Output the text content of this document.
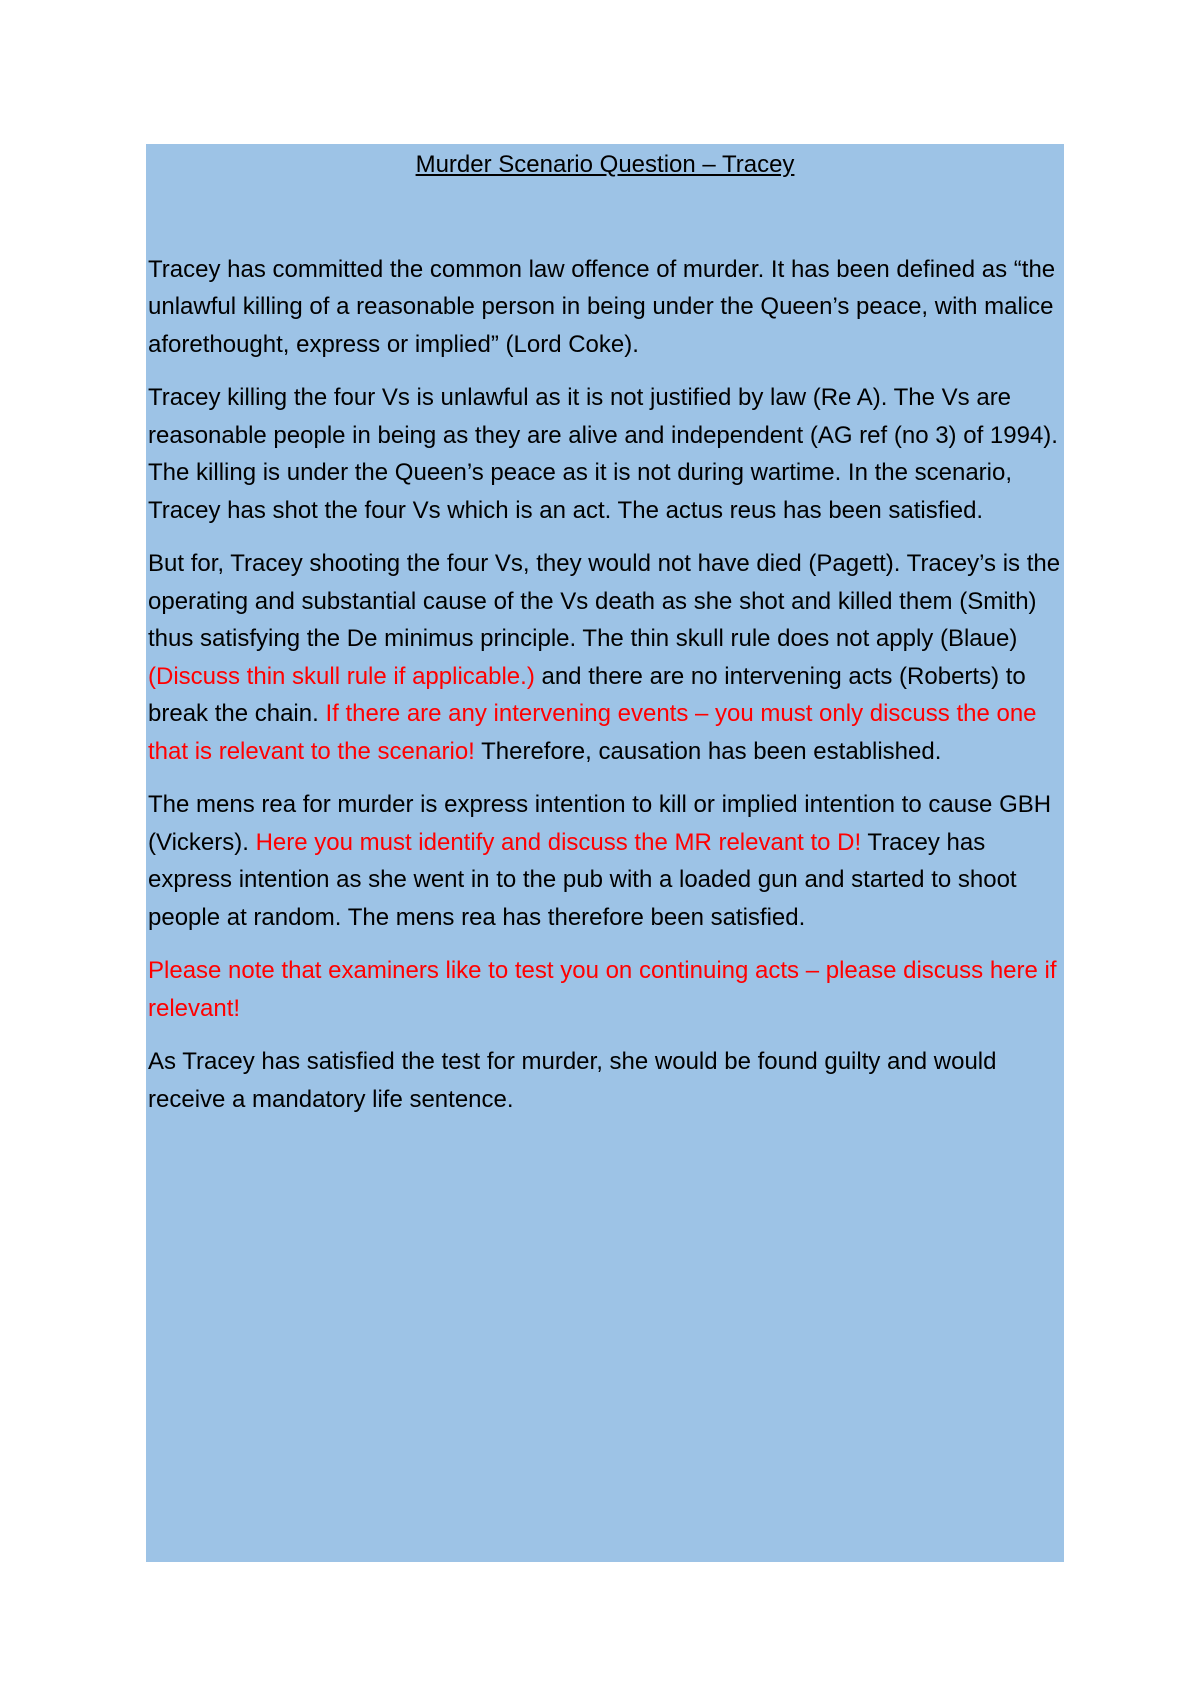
Murder Scenario Question – Tracey

Tracey has committed the common law offence of murder. It has been defined as “the unlawful killing of a reasonable person in being under the Queen’s peace, with malice aforethought, express or implied” (Lord Coke).

Tracey killing the four Vs is unlawful as it is not justified by law (Re A). The Vs are reasonable people in being as they are alive and independent (AG ref (no 3) of 1994). The killing is under the Queen’s peace as it is not during wartime. In the scenario, Tracey has shot the four Vs which is an act. The actus reus has been satisfied.

But for, Tracey shooting the four Vs, they would not have died (Pagett). Tracey’s is the operating and substantial cause of the Vs death as she shot and killed them (Smith) thus satisfying the De minimus principle. The thin skull rule does not apply (Blaue) (Discuss thin skull rule if applicable.) and there are no intervening acts (Roberts) to break the chain. If there are any intervening events – you must only discuss the one that is relevant to the scenario! Therefore, causation has been established.

The mens rea for murder is express intention to kill or implied intention to cause GBH (Vickers). Here you must identify and discuss the MR relevant to D! Tracey has express intention as she went in to the pub with a loaded gun and started to shoot people at random. The mens rea has therefore been satisfied.

Please note that examiners like to test you on continuing acts – please discuss here if relevant!

As Tracey has satisfied the test for murder, she would be found guilty and would receive a mandatory life sentence.
